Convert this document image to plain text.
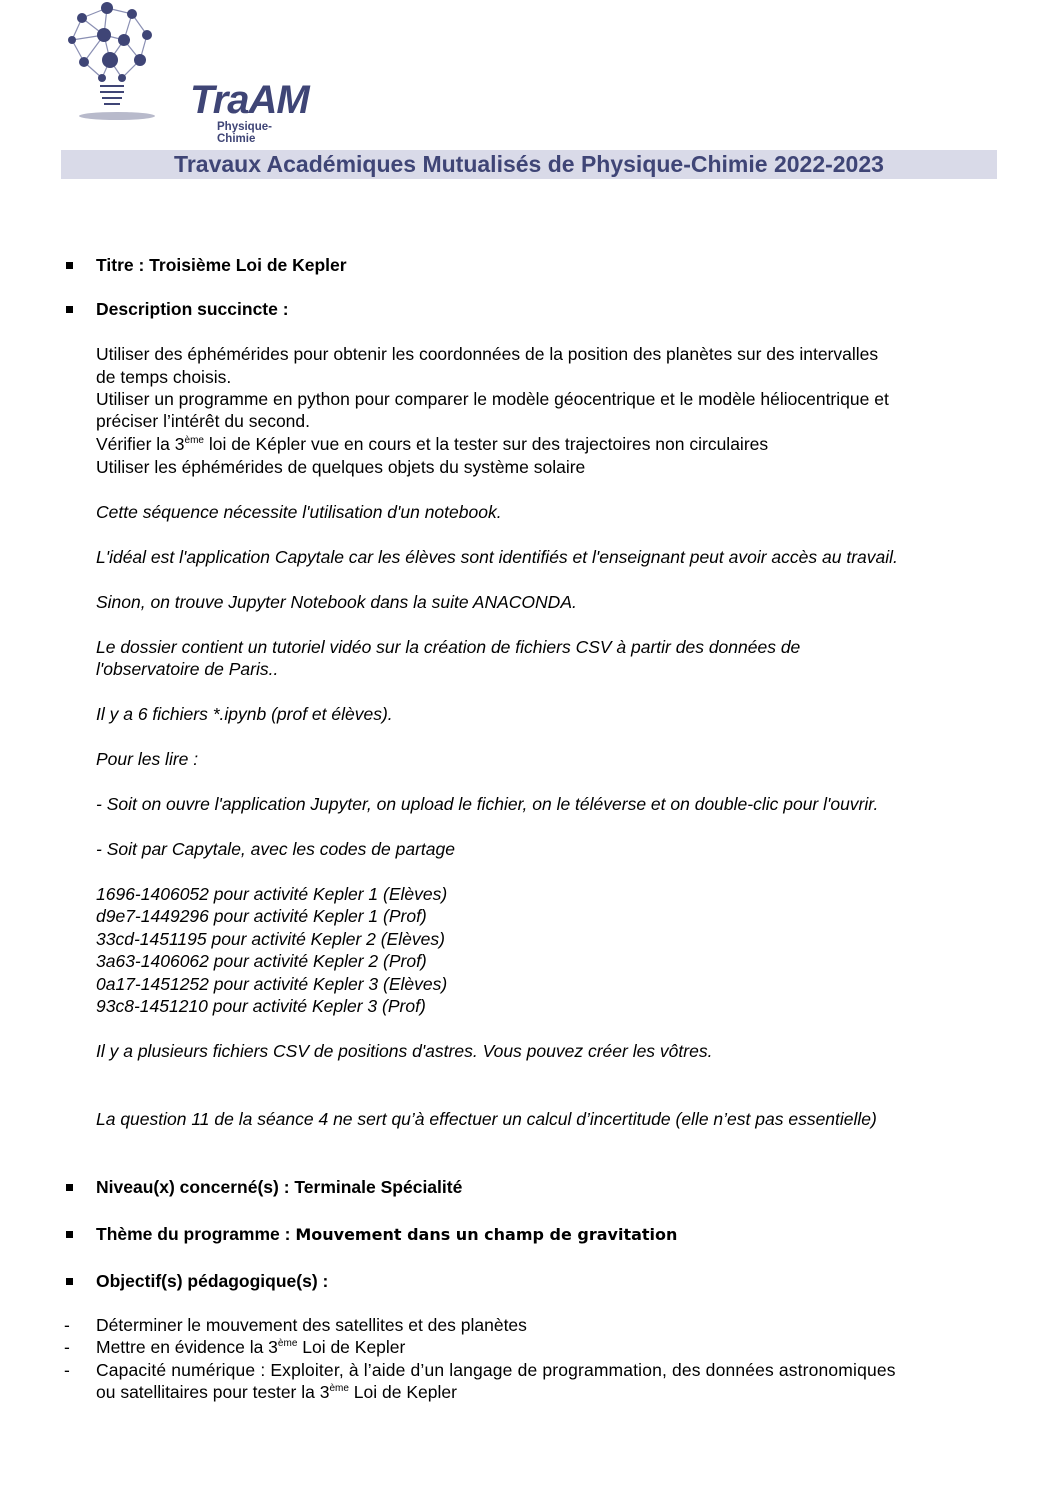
TraAM
Physique-Chimie
Travaux Académiques Mutualisés de Physique-Chimie 2022-2023
Titre : Troisième Loi de Kepler
Description succincte :
Utiliser des éphémérides pour obtenir les coordonnées de la position des planètes sur des intervalles
de temps choisis.
Utiliser un programme en python pour comparer le modèle géocentrique et le modèle héliocentrique et
préciser l’intérêt du second.
Vérifier la 3ème loi de Képler vue en cours et la tester sur des trajectoires non circulaires
Utiliser les éphémérides de quelques objets du système solaire
Cette séquence nécessite l'utilisation d'un notebook.
L'idéal est l'application Capytale car les élèves sont identifiés et l'enseignant peut avoir accès au travail.
Sinon, on trouve Jupyter Notebook dans la suite ANACONDA.
Le dossier contient un tutoriel vidéo sur la création de fichiers CSV à partir des données de
l'observatoire de Paris..
Il y a 6 fichiers *.ipynb (prof et élèves).
Pour les lire :
- Soit on ouvre l'application Jupyter, on upload le fichier, on le téléverse et on double-clic pour l'ouvrir.
- Soit par Capytale, avec les codes de partage
1696-1406052 pour activité Kepler 1 (Elèves)
d9e7-1449296 pour activité Kepler 1 (Prof)
33cd-1451195 pour activité Kepler 2 (Elèves)
3a63-1406062 pour activité Kepler 2 (Prof)
0a17-1451252 pour activité Kepler 3 (Elèves)
93c8-1451210 pour activité Kepler 3 (Prof)
Il y a plusieurs fichiers CSV de positions d'astres. Vous pouvez créer les vôtres.
La question 11 de la séance 4 ne sert qu’à effectuer un calcul d’incertitude (elle n’est pas essentielle)
Niveau(x) concerné(s) : Terminale Spécialité
Thème du programme : Mouvement dans un champ de gravitation
Objectif(s) pédagogique(s) :
- Déterminer le mouvement des satellites et des planètes
- Mettre en évidence la 3ème Loi de Kepler
- Capacité numérique : Exploiter, à l’aide d’un langage de programmation, des données astronomiques
ou satellitaires pour tester la 3ème Loi de Kepler
